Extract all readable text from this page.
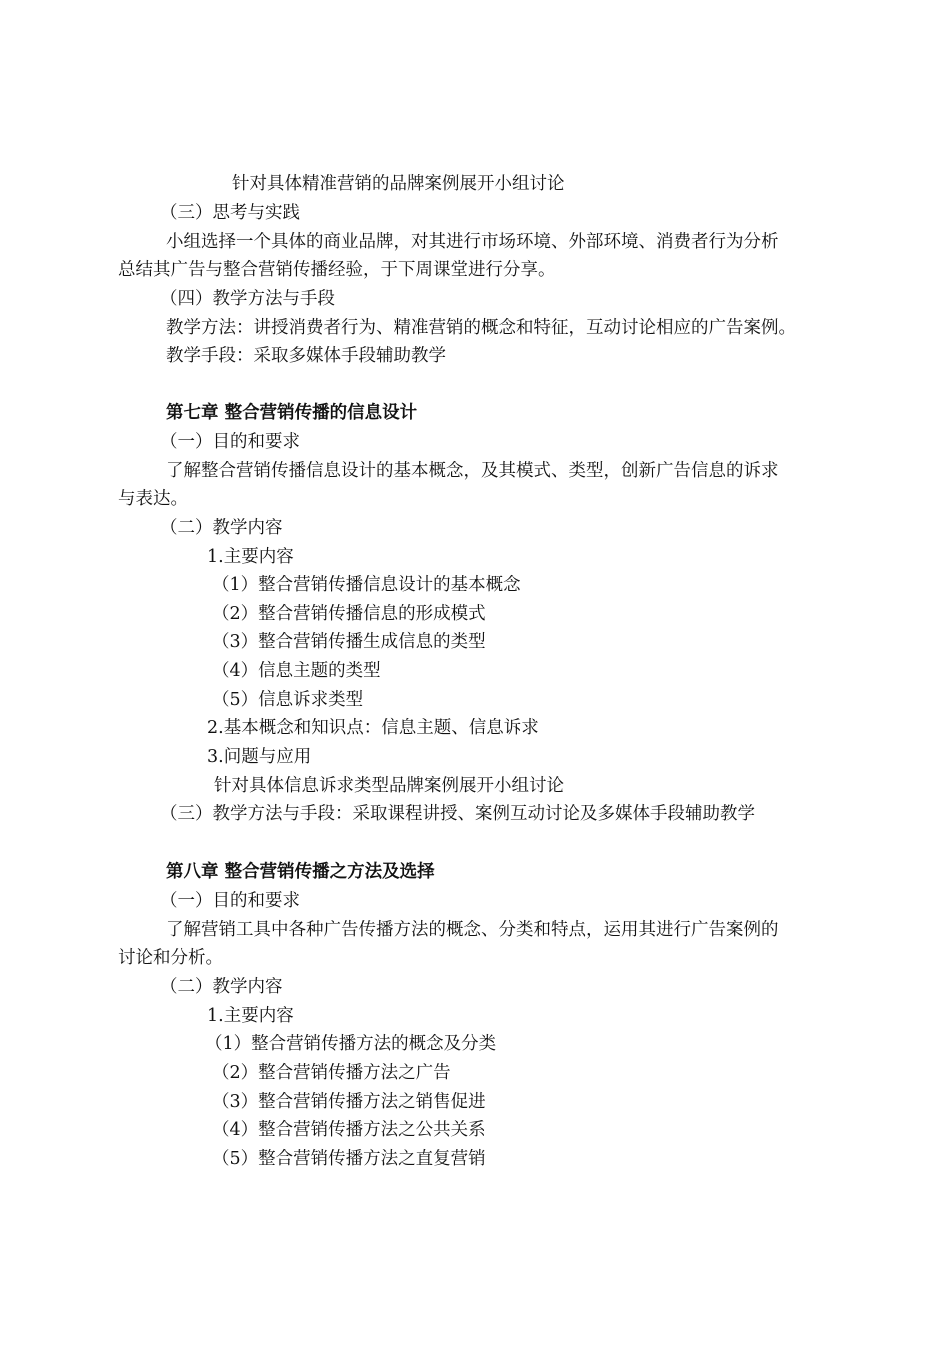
针对具体精准营销的品牌案例展开小组讨论
（三）思考与实践
小组选择一个具体的商业品牌，对其进行市场环境、外部环境、消费者行为分析
总结其广告与整合营销传播经验，于下周课堂进行分享。
（四）教学方法与手段
教学方法：讲授消费者行为、精准营销的概念和特征，互动讨论相应的广告案例。
教学手段：采取多媒体手段辅助教学
第七章 整合营销传播的信息设计
（一）目的和要求
了解整合营销传播信息设计的基本概念，及其模式、类型，创新广告信息的诉求
与表达。
（二）教学内容
1.主要内容
（1）整合营销传播信息设计的基本概念
（2）整合营销传播信息的形成模式
（3）整合营销传播生成信息的类型
（4）信息主题的类型
（5）信息诉求类型
2.基本概念和知识点：信息主题、信息诉求
3.问题与应用
针对具体信息诉求类型品牌案例展开小组讨论
（三）教学方法与手段：采取课程讲授、案例互动讨论及多媒体手段辅助教学
第八章 整合营销传播之方法及选择
（一）目的和要求
了解营销工具中各种广告传播方法的概念、分类和特点，运用其进行广告案例的
讨论和分析。
（二）教学内容
1.主要内容
（1）整合营销传播方法的概念及分类
（2）整合营销传播方法之广告
（3）整合营销传播方法之销售促进
（4）整合营销传播方法之公共关系
（5）整合营销传播方法之直复营销
